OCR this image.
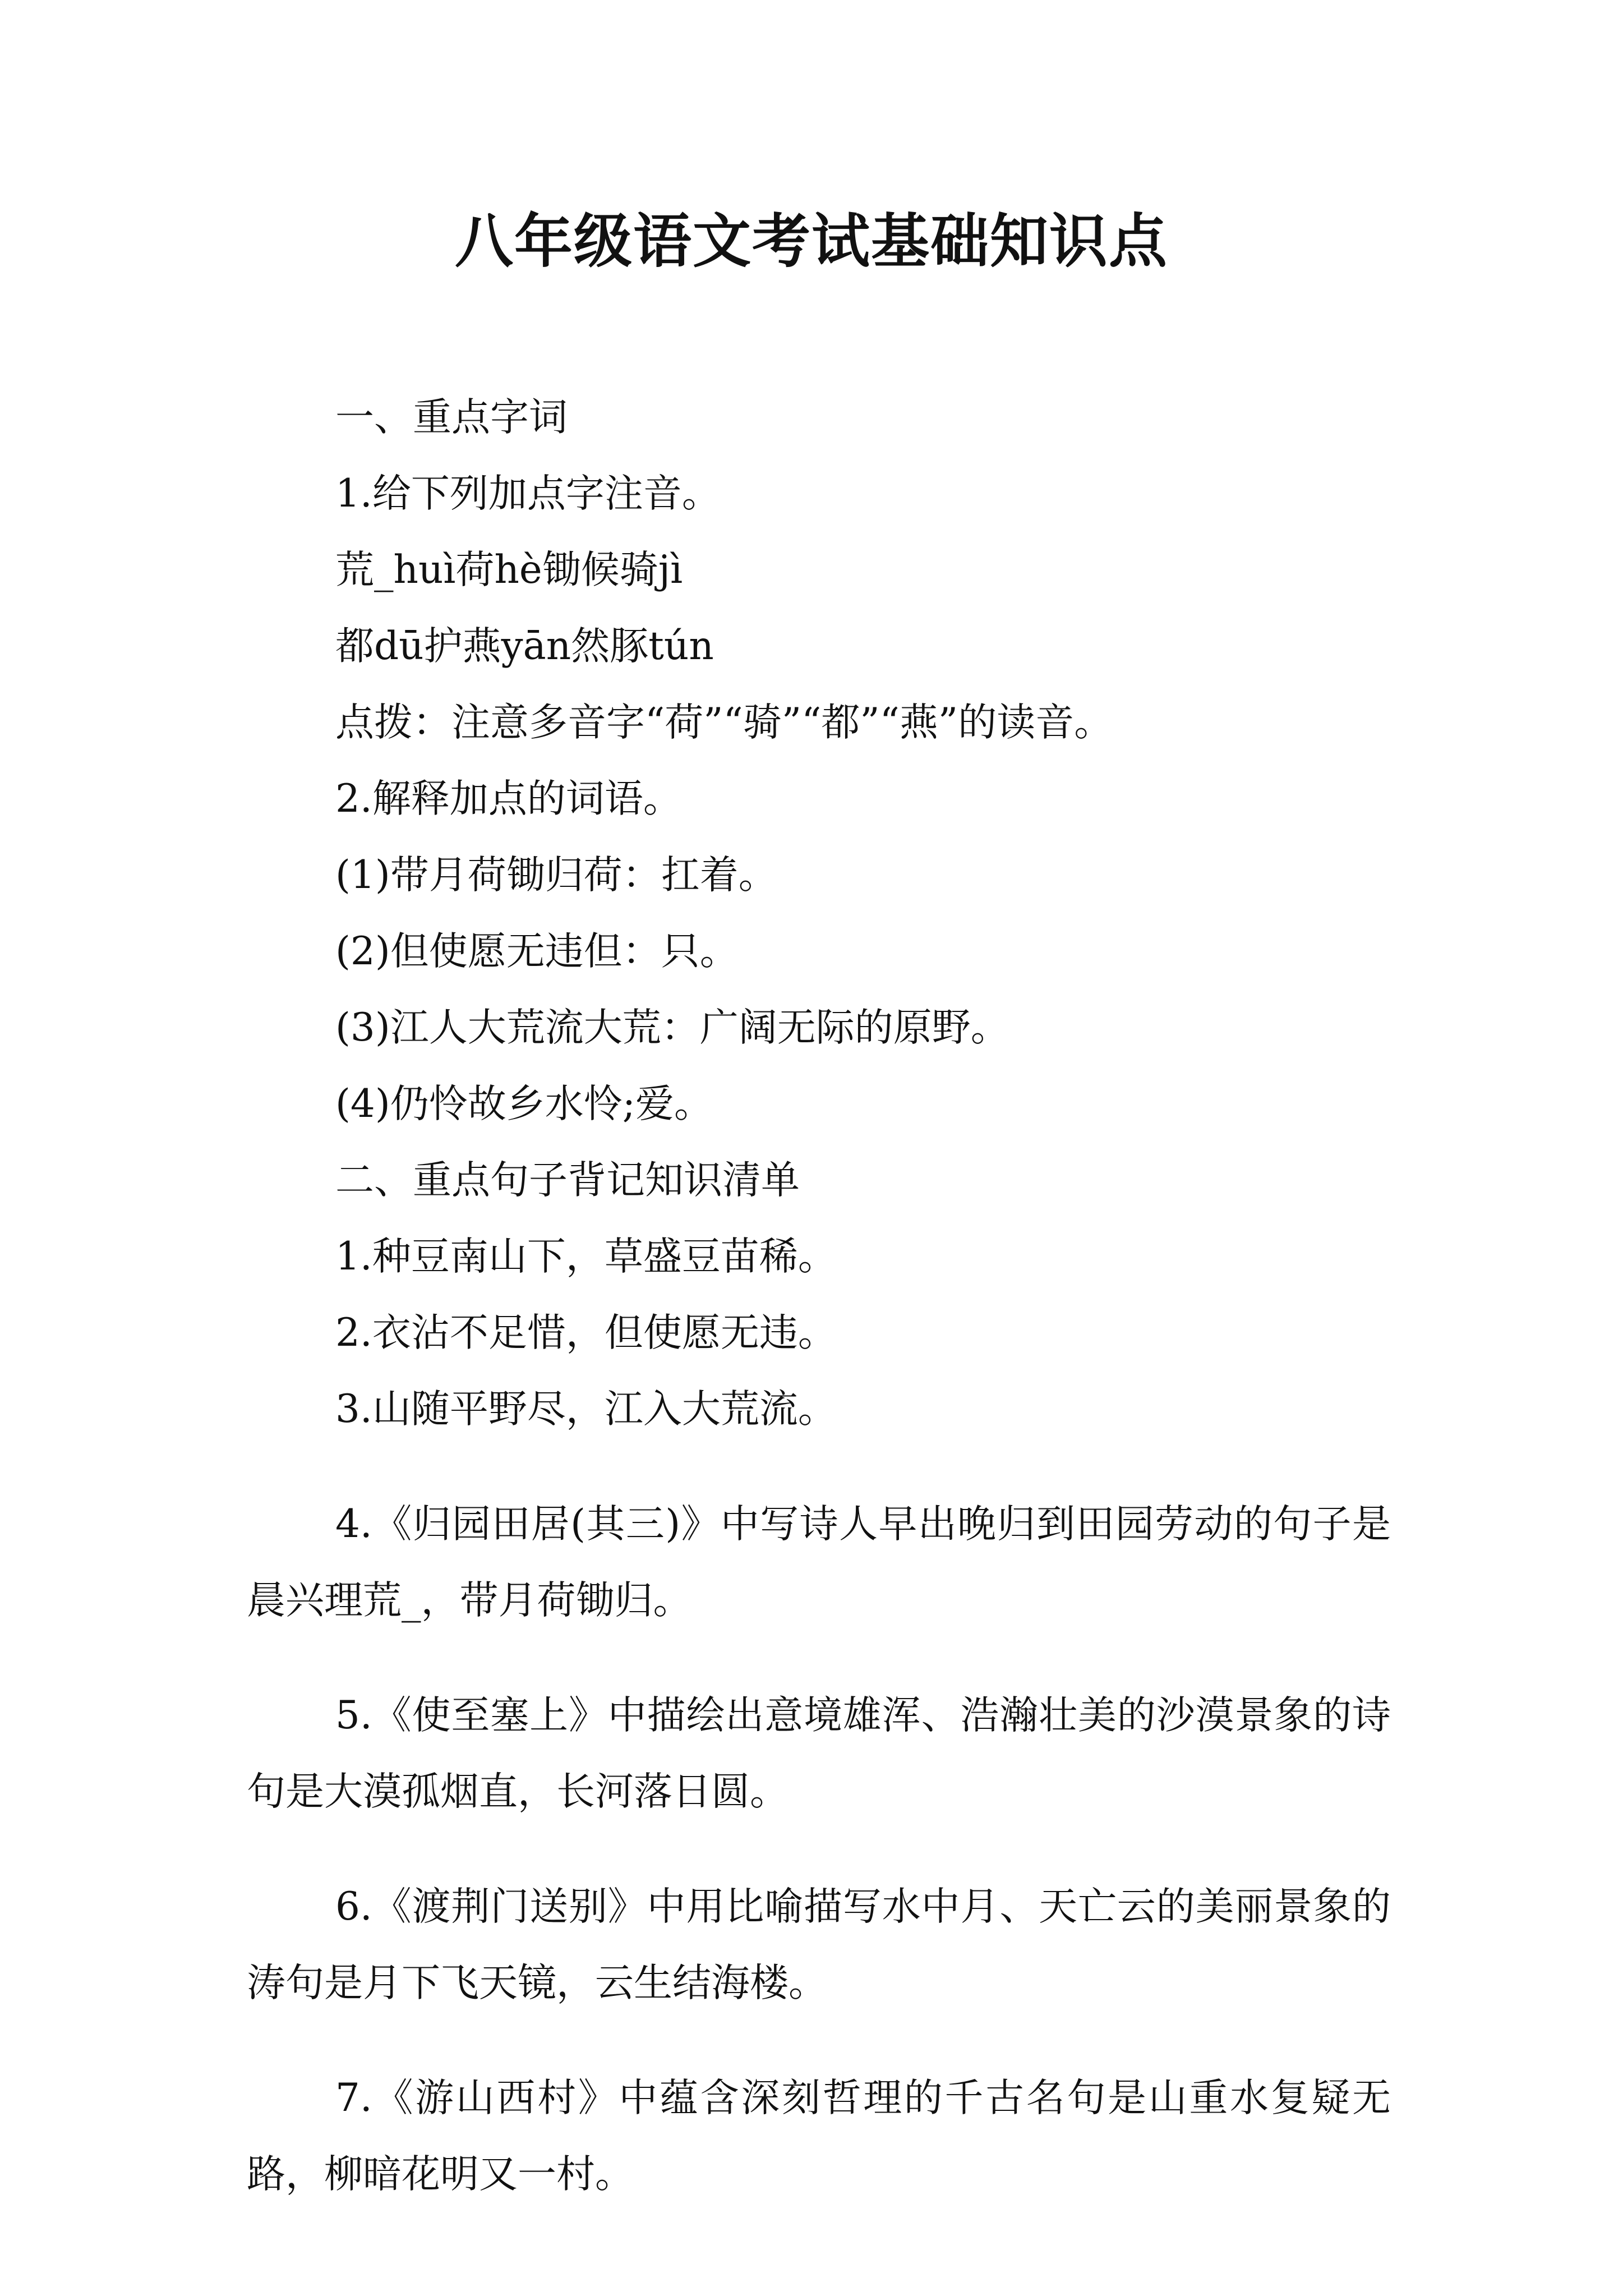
八年级语文考试基础知识点

一、重点字词

1.给下列加点字注音。

荒_huì荷hè锄候骑jì

都dū护燕yān然豚tún

点拨：注意多音字“荷”“骑”“都”“燕”的读音。

2.解释加点的词语。

(1)带月荷锄归荷：扛着。

(2)但使愿无违但：只。

(3)江人大荒流大荒：广阔无际的原野。

(4)仍怜故乡水怜;爱。

二、重点句子背记知识清单

1.种豆南山下，草盛豆苗稀。

2.衣沾不足惜，但使愿无违。

3.山随平野尽，江入大荒流。

4.《归园田居(其三)》中写诗人早出晚归到田园劳动的句子是晨兴理荒_，带月荷锄归。

5.《使至塞上》中描绘出意境雄浑、浩瀚壮美的沙漠景象的诗句是大漠孤烟直，长河落日圆。

6.《渡荆门送别》中用比喻描写水中月、天亡云的美丽景象的涛句是月下飞天镜，云生结海楼。

7.《游山西村》中蕴含深刻哲理的千古名句是山重水复疑无路，柳暗花明又一村。
